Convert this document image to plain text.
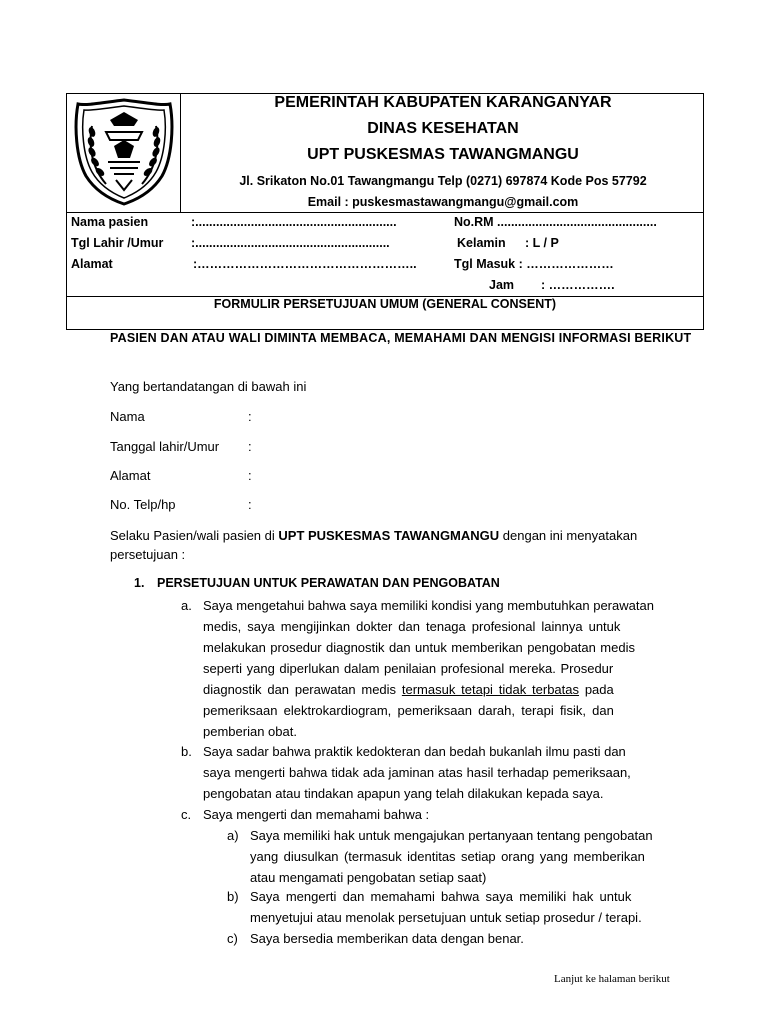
PEMERINTAH KABUPATEN KARANGANYAR
DINAS KESEHATAN
UPT PUSKESMAS TAWANGMANGU
Jl. Srikaton No.01 Tawangmangu Telp (0271) 697874 Kode Pos 57792
Email : puskesmastawangmangu@gmail.com
Nama pasien	:..........................................................	No.RM ..............................................
Tgl Lahir /Umur :........................................................	Kelamin : L / P
Alamat	:……………………………………………..	Tgl Masuk : …………………
Jam : …………….
FORMULIR PERSETUJUAN UMUM (GENERAL CONSENT)
PASIEN DAN ATAU WALI DIMINTA MEMBACA, MEMAHAMI DAN MENGISI INFORMASI BERIKUT
Yang bertandatangan di bawah ini
Nama	:
Tanggal lahir/Umur :
Alamat	:
No. Telp/hp	:
Selaku Pasien/wali pasien di UPT PUSKESMAS TAWANGMANGU dengan ini menyatakan
persetujuan :
1. PERSETUJUAN UNTUK PERAWATAN DAN PENGOBATAN
a. Saya mengetahui bahwa saya memiliki kondisi yang membutuhkan perawatan
medis, saya mengijinkan dokter dan tenaga profesional lainnya untuk
melakukan prosedur diagnostik dan untuk memberikan pengobatan medis
seperti yang diperlukan dalam penilaian profesional mereka. Prosedur
diagnostik dan perawatan medis termasuk tetapi tidak terbatas pada
pemeriksaan elektrokardiogram, pemeriksaan darah, terapi fisik, dan
pemberian obat.
b. Saya sadar bahwa praktik kedokteran dan bedah bukanlah ilmu pasti dan
saya mengerti bahwa tidak ada jaminan atas hasil terhadap pemeriksaan,
pengobatan atau tindakan apapun yang telah dilakukan kepada saya.
c. Saya mengerti dan memahami bahwa :
a) Saya memiliki hak untuk mengajukan pertanyaan tentang pengobatan
yang diusulkan (termasuk identitas setiap orang yang memberikan
atau mengamati pengobatan setiap saat)
b) Saya mengerti dan memahami bahwa saya memiliki hak untuk
menyetujui atau menolak persetujuan untuk setiap prosedur / terapi.
c) Saya bersedia memberikan data dengan benar.
Lanjut ke halaman berikut
